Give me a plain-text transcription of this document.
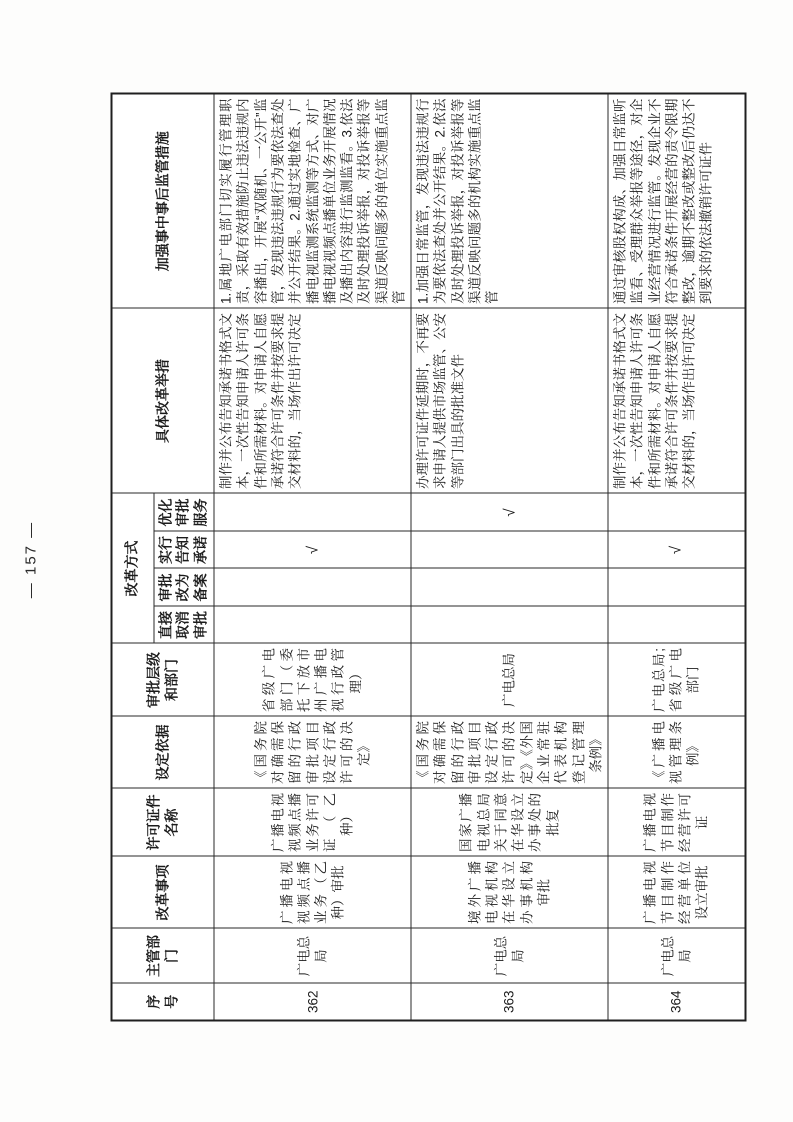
— 157 —
序号	主管部门	改革事项	许可证件名称	设定依据	审批层级和部门	改革方式				具体改革举措	加强事中事后监管措施
						直接取消审批	审批改为备案	实行告知承诺	优化审批服务		
362	广电总局	广播电视视频点播业务（乙种）审批	广播电视视频点播业务许可证（乙种）	《国务院对确需保留的行政审批项目设定行政许可的决定》	省级广电部门（委托下放市州广播电视行政管理）			√		制作并公布告知承诺书格式文本，一次性告知申请人许可条件和所需材料。对申请人自愿承诺符合许可条件并按要求提交材料的，当场作出许可决定	1.属地广电部门切实履行管理职责，采取有效措施防止违法违规内容播出，开展“双随机、一公开”监管，发现违法违规行为要依法查处并公开结果。2.通过实地检查、广播电视监测系统监测等方式、对广播电视视频点播单位业务开展情况及播出内容进行监测监看。3.依法及时处理投诉举报，对投诉举报等渠道反映问题多的单位实施重点监管
363	广电总局	境外广播电视机构在华设立办事机构审批	国家广播电视总局关于同意在华设立办事处的批复	《国务院对确需保留的行政审批项目设定行政许可的决定》《外国企业常驻代表机构登记管理条例》	广电总局				√	办理许可证件延期时，不再要求申请人提供市场监管、公安等部门出具的批准文件	1.加强日常监管，发现违法违规行为要依法查处并公开结果。2.依法及时处理投诉举报，对投诉举报等渠道反映问题多的机构实施重点监管
364	广电总局	广播电视节目制作经营单位设立审批	广播电视节目制作经营许可证	《广播电视管理条例》	广电总局;省级广电部门			√		制作并公布告知承诺书格式文本，一次性告知申请人许可条件和所需材料。对申请人自愿承诺符合许可条件并按要求提交材料的，当场作出许可决定	通过审核股权构成、加强日常监听监看、受理群众举报等途径，对企业经营情况进行监管。发现企业不符合承诺条件开展经营的责令限期整改，逾期不整改或整改后仍达不到要求的依法撤销许可证件
